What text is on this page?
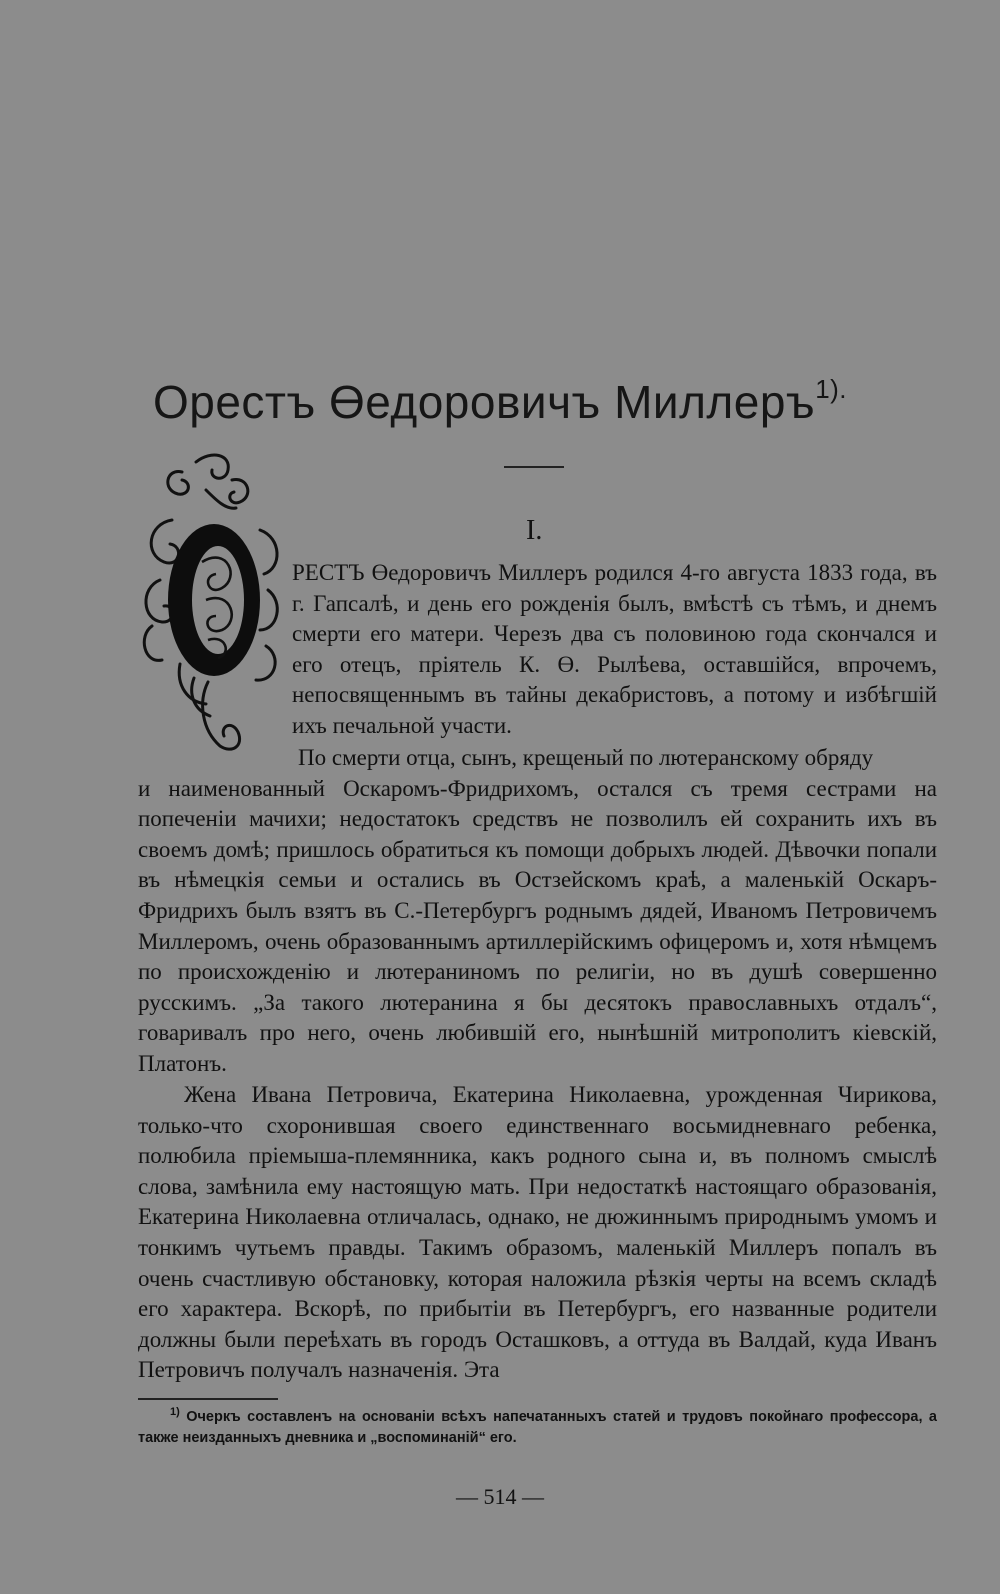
Орестъ Өедоровичъ Миллеръ$^{1).}$
I.
О
РЕСТЪ Өедоровичъ Миллеръ родился 4-го августа 1833 года, въ г. Гапсалѣ, и день его рожденія былъ, вмѣстѣ съ тѣмъ, и днемъ смерти его матери. Черезъ два съ половиною года скончался и его отецъ, пріятель К. Ө. Рылѣева, оставшійся, впрочемъ, непосвященнымъ въ тайны декабристовъ, а потому и избѣгшій ихъ печальной участи.
По смерти отца, сынъ, крещеный по лютеранскому обряду
и наименованный Оскаромъ-Фридрихомъ, остался съ тремя сестрами на попеченіи мачихи; недостатокъ средствъ не позволилъ ей сохранить ихъ въ своемъ домѣ; пришлось обратиться къ помощи добрыхъ людей. Дѣвочки попали въ нѣмецкія семьи и остались въ Остзейскомъ краѣ, а маленькій Оскаръ-Фридрихъ былъ взятъ въ С.-Петербургъ роднымъ дядей, Иваномъ Петровичемъ Миллеромъ, очень образованнымъ артиллерійскимъ офицеромъ и, хотя нѣмцемъ по происхожденію и лютераниномъ по религіи, но въ душѣ совершенно русскимъ. „За такого лютеранина я бы десятокъ православныхъ отдалъ“, говаривалъ про него, очень любившій его, нынѣшній митрополитъ кіевскій, Платонъ.
Жена Ивана Петровича, Екатерина Николаевна, урожденная Чирикова, только-что схоронившая своего единственнаго восьмидневнаго ребенка, полюбила пріемыша-племянника, какъ родного сына и, въ полномъ смыслѣ слова, замѣнила ему настоящую мать. При недостаткѣ настоящаго образованія, Екатерина Николаевна отличалась, однако, не дюжиннымъ природнымъ умомъ и тонкимъ чутьемъ правды. Такимъ образомъ, маленькій Миллеръ попалъ въ очень счастливую обстановку, которая наложила рѣзкія черты на всемъ складѣ его характера. Вскорѣ, по прибытіи въ Петербургъ, его названные родители должны были переѣхать въ городъ Осташковъ, а оттуда въ Валдай, куда Иванъ Петровичъ получалъ назначенія. Эта
$^{1)}$ Очеркъ составленъ на основаніи всѣхъ напечатанныхъ статей и трудовъ покойнаго профессора, а также неизданныхъ дневника и „воспоминаній“ его.
— 514 —
